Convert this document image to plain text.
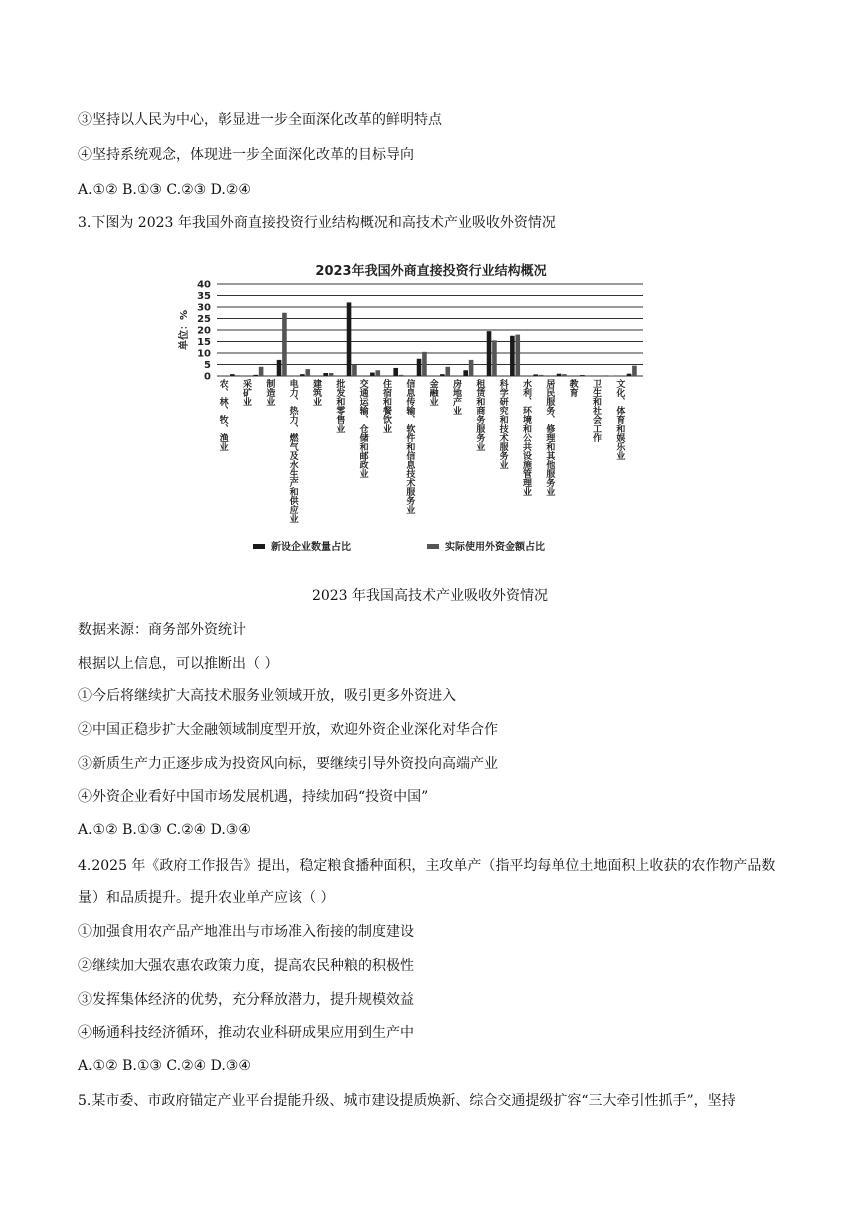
③坚持以人民为中心，彰显进一步全面深化改革的鲜明特点
④坚持系统观念，体现进一步全面深化改革的目标导向
A.①② B.①③ C.②③ D.②④
3.下图为 2023 年我国外商直接投资行业结构概况和高技术产业吸收外资情况
2023年我国外商直接投资行业结构概况
单位：%
0
5
10
15
20
25
30
35
40
农、林、牧、渔业 采矿业 制造业 电力、热力、燃气及水生产和供应业 建筑业 批发和零售业 交通运输、仓储和邮政业 住宿和餐饮业 信息传输、软件和信息技术服务业 金融业 房地产业 租赁和商务服务业 科学研究和技术服务业 水利、环境和公共设施管理业 居民服务、修理和其他服务业 教育 卫生和社会工作 文化、体育和娱乐业
新设企业数量占比	实际使用外资金额占比
2023 年我国高技术产业吸收外资情况
数据来源：商务部外资统计
根据以上信息，可以推断出（ ）
①今后将继续扩大高技术服务业领域开放，吸引更多外资进入
②中国正稳步扩大金融领域制度型开放，欢迎外资企业深化对华合作
③新质生产力正逐步成为投资风向标，要继续引导外资投向高端产业
④外资企业看好中国市场发展机遇，持续加码“投资中国”
A.①② B.①③ C.②④ D.③④
4.2025 年《政府工作报告》提出，稳定粮食播种面积，主攻单产（指平均每单位土地面积上收获的农作物产品数量）和品质提升。提升农业单产应该（ ）
①加强食用农产品产地准出与市场准入衔接的制度建设
②继续加大强农惠农政策力度，提高农民种粮的积极性
③发挥集体经济的优势，充分释放潜力，提升规模效益
④畅通科技经济循环，推动农业科研成果应用到生产中
A.①② B.①③ C.②④ D.③④
5.某市委、市政府锚定产业平台提能升级、城市建设提质焕新、综合交通提级扩容“三大牵引性抓手”，坚持
